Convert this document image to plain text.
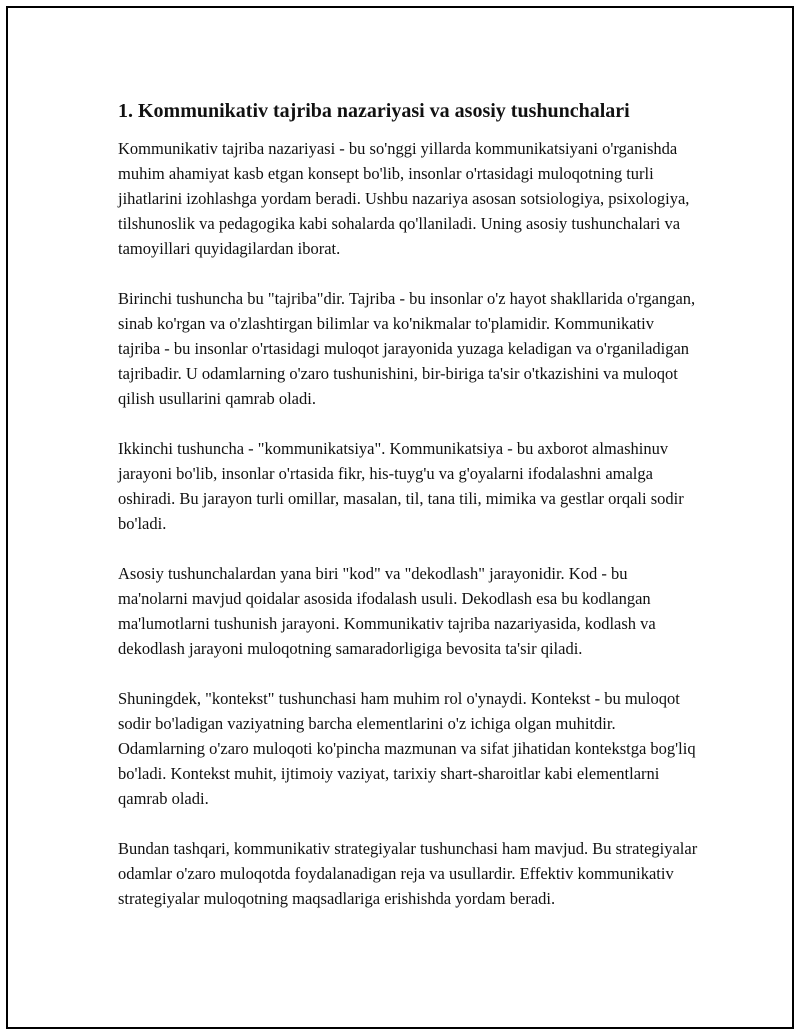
1. Kommunikativ tajriba nazariyasi va asosiy tushunchalari

Kommunikativ tajriba nazariyasi - bu so'nggi yillarda kommunikatsiyani o'rganishda muhim ahamiyat kasb etgan konsept bo'lib, insonlar o'rtasidagi muloqotning turli jihatlarini izohlashga yordam beradi. Ushbu nazariya asosan sotsiologiya, psixologiya, tilshunoslik va pedagogika kabi sohalarda qo'llaniladi. Uning asosiy tushunchalari va tamoyillari quyidagilardan iborat.

Birinchi tushuncha bu "tajriba"dir. Tajriba - bu insonlar o'z hayot shakllarida o'rgangan, sinab ko'rgan va o'zlashtirgan bilimlar va ko'nikmalar to'plamidir. Kommunikativ tajriba - bu insonlar o'rtasidagi muloqot jarayonida yuzaga keladigan va o'rganiladigan tajribadir. U odamlarning o'zaro tushunishini, bir-biriga ta'sir o'tkazishini va muloqot qilish usullarini qamrab oladi.

Ikkinchi tushuncha - "kommunikatsiya". Kommunikatsiya - bu axborot almashinuv jarayoni bo'lib, insonlar o'rtasida fikr, his-tuyg'u va g'oyalarni ifodalashni amalga oshiradi. Bu jarayon turli omillar, masalan, til, tana tili, mimika va gestlar orqali sodir bo'ladi.

Asosiy tushunchalardan yana biri "kod" va "dekodlash" jarayonidir. Kod - bu ma'nolarni mavjud qoidalar asosida ifodalash usuli. Dekodlash esa bu kodlangan ma'lumotlarni tushunish jarayoni. Kommunikativ tajriba nazariyasida, kodlash va dekodlash jarayoni muloqotning samaradorligiga bevosita ta'sir qiladi.

Shuningdek, "kontekst" tushunchasi ham muhim rol o'ynaydi. Kontekst - bu muloqot sodir bo'ladigan vaziyatning barcha elementlarini o'z ichiga olgan muhitdir. Odamlarning o'zaro muloqoti ko'pincha mazmunan va sifat jihatidan kontekstga bog'liq bo'ladi. Kontekst muhit, ijtimoiy vaziyat, tarixiy shart-sharoitlar kabi elementlarni qamrab oladi.

Bundan tashqari, kommunikativ strategiyalar tushunchasi ham mavjud. Bu strategiyalar odamlar o'zaro muloqotda foydalanadigan reja va usullardir. Effektiv kommunikativ strategiyalar muloqotning maqsadlariga erishishda yordam beradi.
